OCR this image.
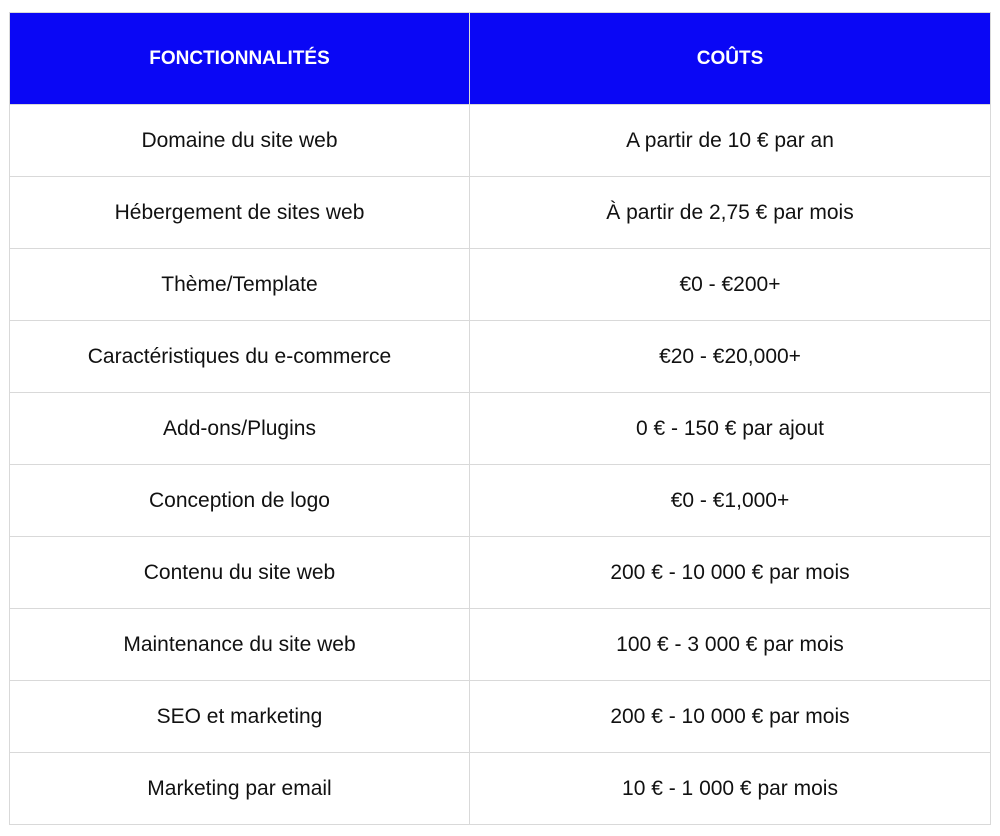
FONCTIONNALITÉS	COÛTS
Domaine du site web	A partir de 10 € par an
Hébergement de sites web	À partir de 2,75 € par mois
Thème/Template	€0 - €200+
Caractéristiques du e-commerce	€20 - €20,000+
Add-ons/Plugins	0 € - 150 € par ajout
Conception de logo	€0 - €1,000+
Contenu du site web	200 € - 10 000 € par mois
Maintenance du site web	100 € - 3 000 € par mois
SEO et marketing	200 € - 10 000 € par mois
Marketing par email	10 € - 1 000 € par mois
